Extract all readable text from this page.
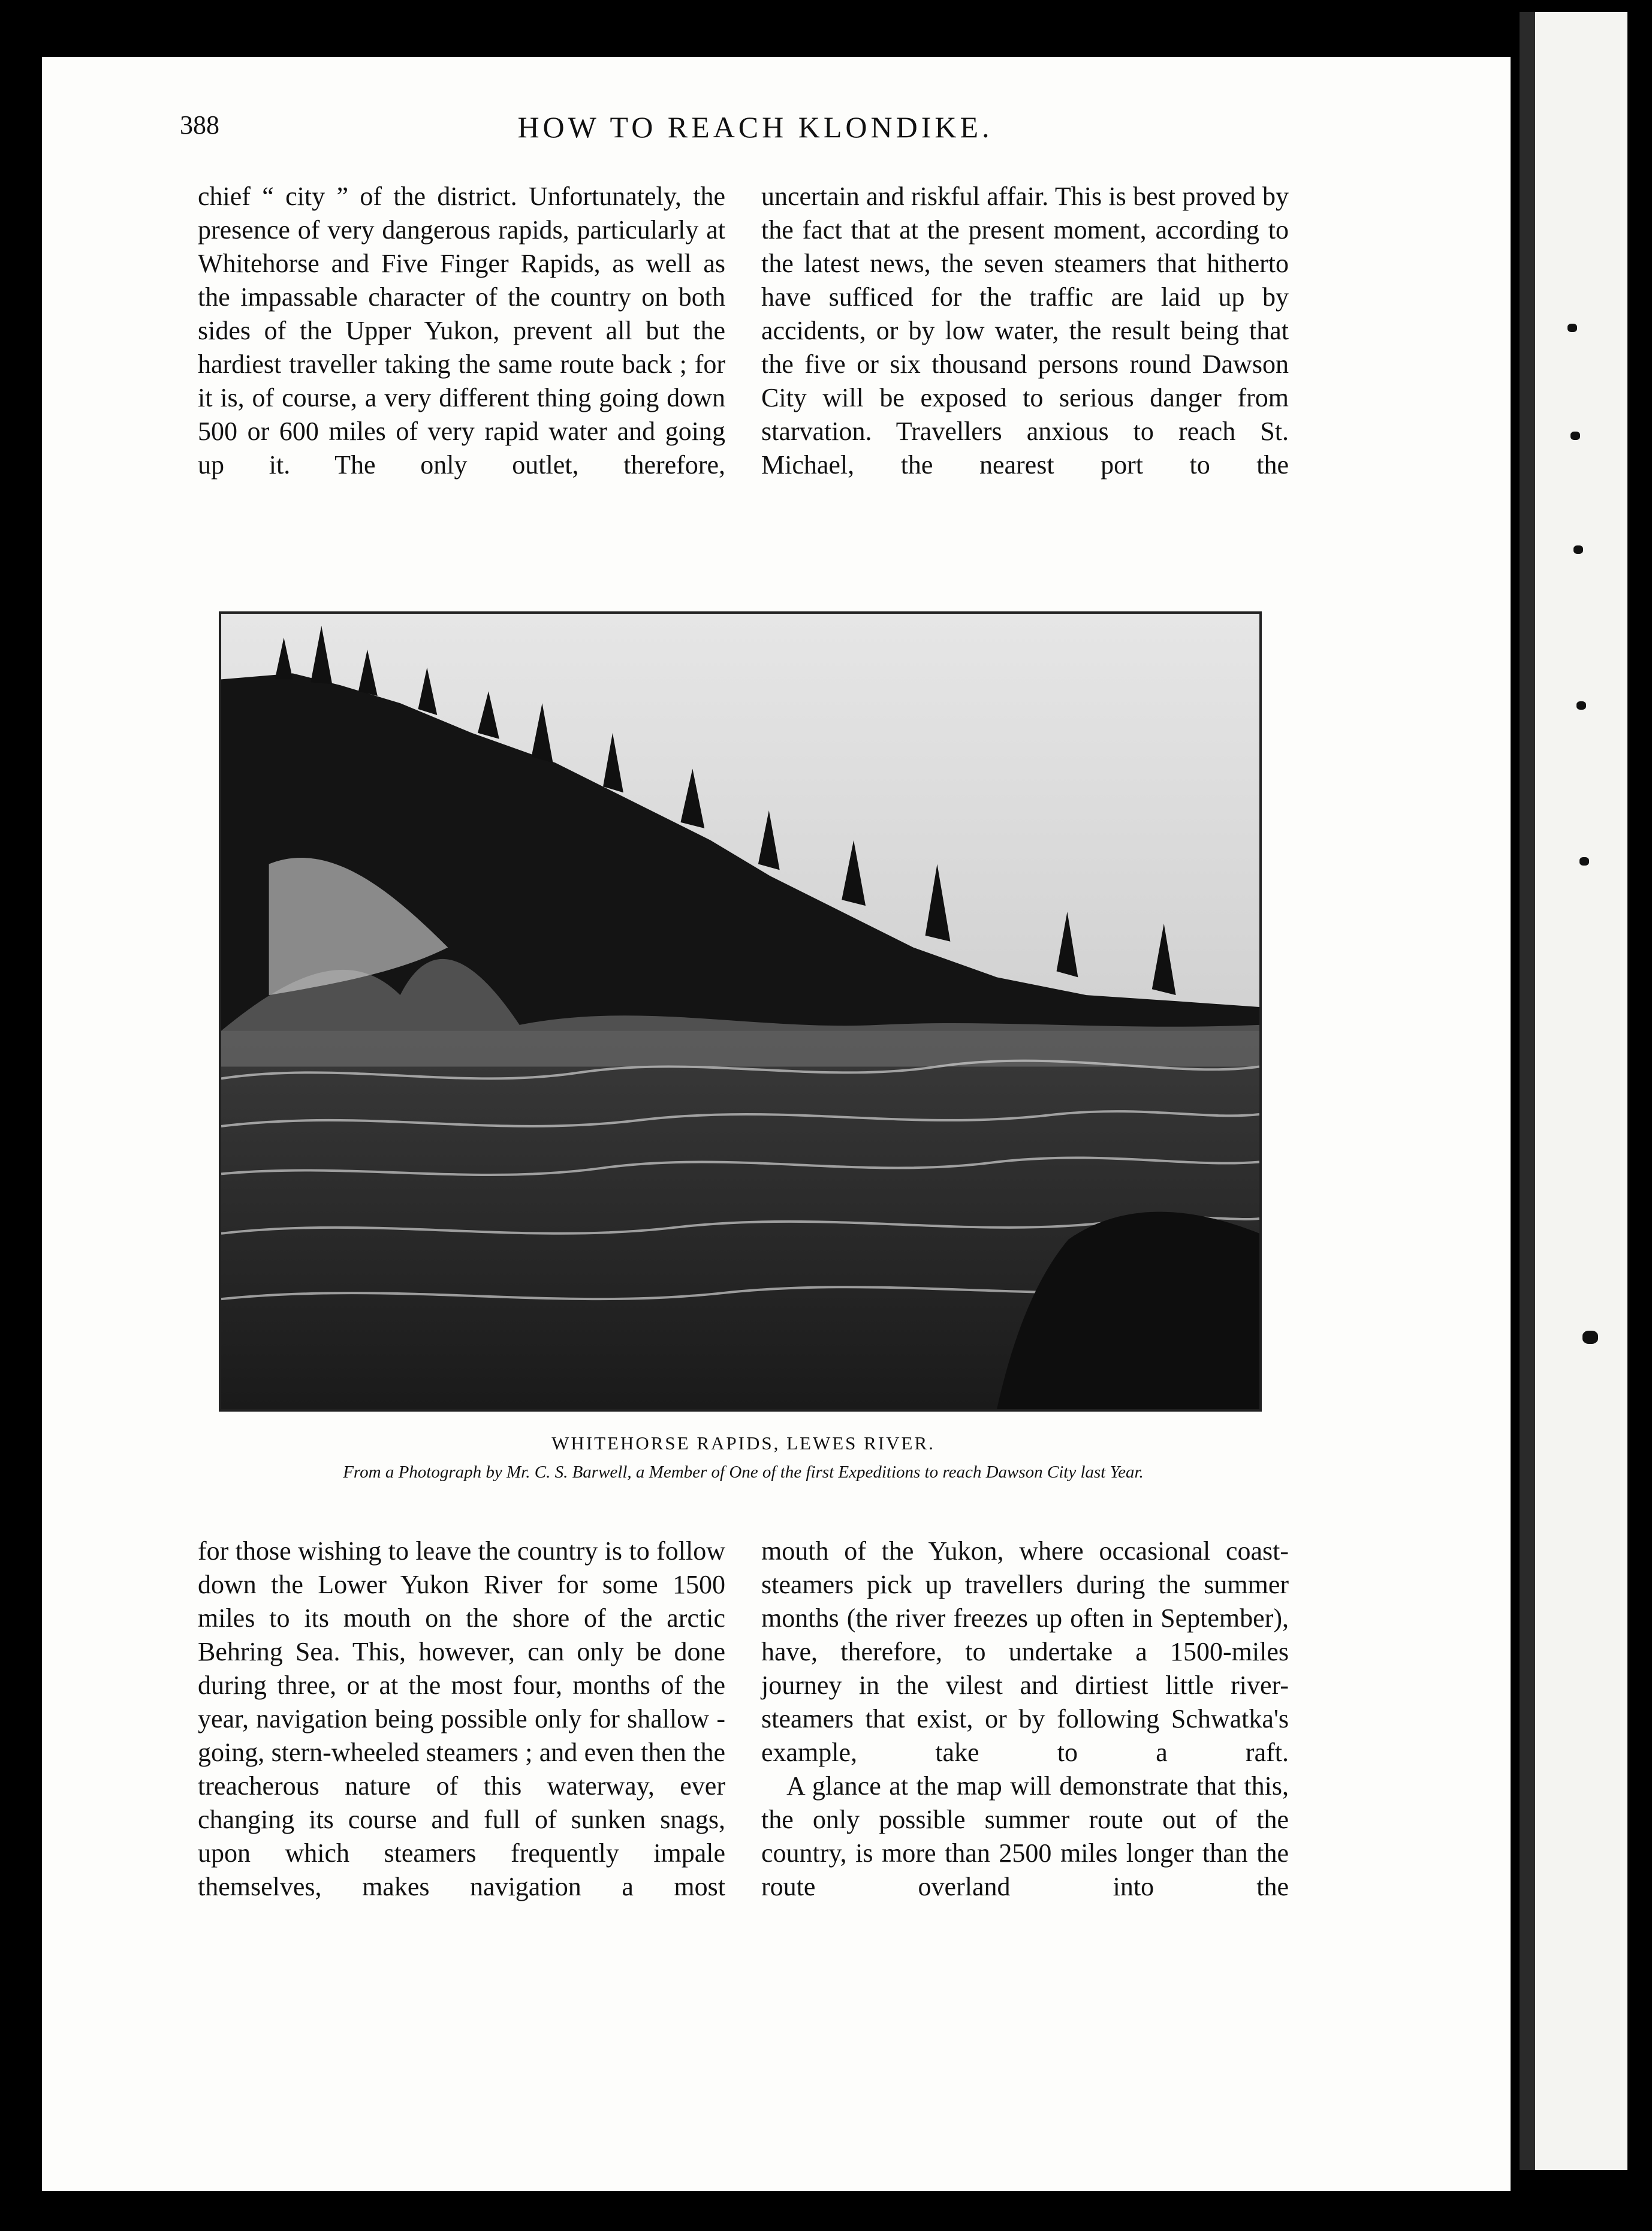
388	HOW TO REACH KLONDIKE.

chief “ city ” of the district. Unfortunately, the presence of very dangerous rapids, particularly at Whitehorse and Five Finger Rapids, as well as the impassable character of the country on both sides of the Upper Yukon, prevent all but the hardiest traveller taking the same route back ; for it is, of course, a very different thing going down 500 or 600 miles of very rapid water and going up it. The only outlet, therefore,

uncertain and riskful affair. This is best proved by the fact that at the present moment, according to the latest news, the seven steamers that hitherto have sufficed for the traffic are laid up by accidents, or by low water, the result being that the five or six thousand persons round Dawson City will be exposed to serious danger from starvation. Travellers anxious to reach St. Michael, the nearest port to the

WHITEHORSE RAPIDS, LEWES RIVER.
From a Photograph by Mr. C. S. Barwell, a Member of One of the first Expeditions to reach Dawson City last Year.

for those wishing to leave the country is to follow down the Lower Yukon River for some 1500 miles to its mouth on the shore of the arctic Behring Sea. This, however, can only be done during three, or at the most four, months of the year, navigation being possible only for shallow - going, stern-wheeled steamers ; and even then the treacherous nature of this waterway, ever changing its course and full of sunken snags, upon which steamers frequently impale themselves, makes navigation a most

mouth of the Yukon, where occasional coast-steamers pick up travellers during the summer months (the river freezes up often in September), have, therefore, to undertake a 1500-miles journey in the vilest and dirtiest little river-steamers that exist, or by following Schwatka's example, take to a raft.

A glance at the map will demonstrate that this, the only possible summer route out of the country, is more than 2500 miles longer than the route overland into the
